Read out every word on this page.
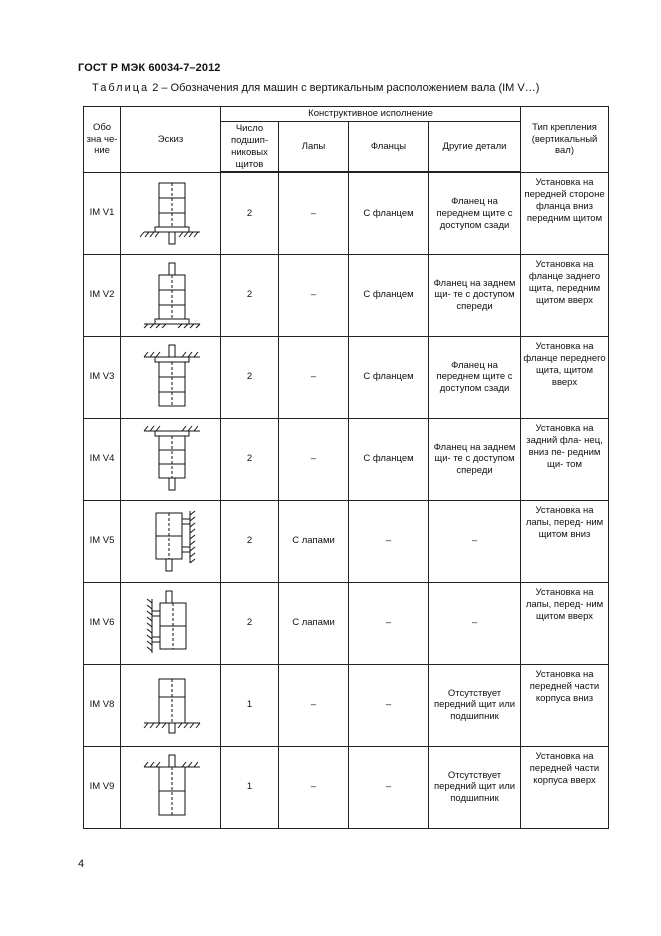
ГОСТ Р МЭК 60034-7–2012
Таблица 2 – Обозначения для машин с вертикальным расположением вала (IM V…)
Обо зна че- ние	Эскиз	Конструктивное исполнение				Тип крепления (вертикальный вал)
		Число подшип- никовых щитов	Лапы	Фланцы	Другие детали	
IM V1		2	–	С фланцем	Фланец на переднем щите с доступом сзади	Установка на передней стороне фланца вниз передним щитом
IM V2		2	–	С фланцем	Фланец на заднем щи- те с доступом спереди	Установка на фланце заднего щита, передним щитом вверх
IM V3		2	–	С фланцем	Фланец на переднем щите с доступом сзади	Установка на фланце переднего щита, щитом вверх
IM V4		2	–	С фланцем	Фланец на заднем щи- те с доступом спереди	Установка на задний флa- нец, вниз пе- редним щи- том
IM V5		2	С лапами	–	–	Установка на лапы, перед- ним щитом вниз
IM V6		2	С лапами	–	–	Установка на лапы, перед- ним щитом вверх
IM V8		1	–	–	Отсутствует передний щит или подшипник	Установка на передней части корпуса вниз
IM V9		1	–	–	Отсутствует передний щит или подшипник	Установка на передней части корпуса вверх
4
